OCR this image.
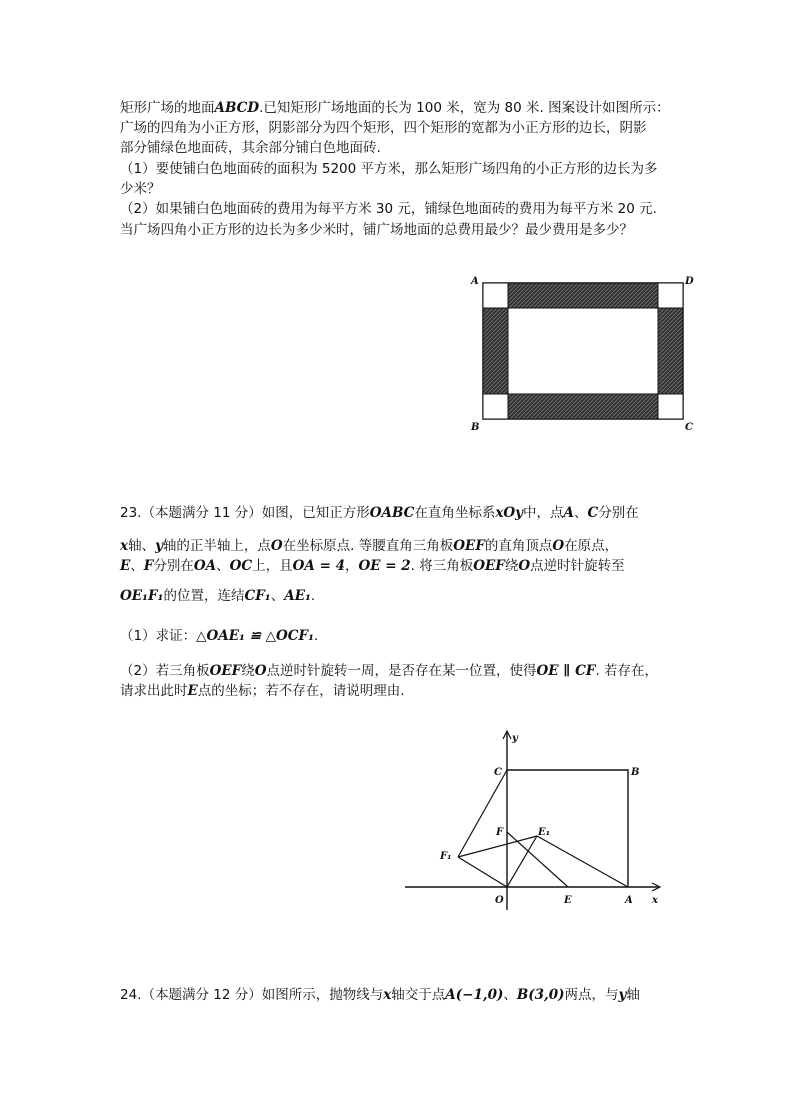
矩形广场的地面ABCD.已知矩形广场地面的长为 100 米，宽为 80 米. 图案设计如图所示：
广场的四角为小正方形，阴影部分为四个矩形，四个矩形的宽都为小正方形的边长，阴影
部分铺绿色地面砖，其余部分铺白色地面砖.
（1）要使铺白色地面砖的面积为 5200 平方米，那么矩形广场四角的小正方形的边长为多
少米？
（2）如果铺白色地面砖的费用为每平方米 30 元，铺绿色地面砖的费用为每平方米 20 元.
当广场四角小正方形的边长为多少米时，铺广场地面的总费用最少？最少费用是多少？
A	D
B	C
23.（本题满分 11 分）如图，已知正方形OABC在直角坐标系xOy中，点A、C分别在
x轴、y轴的正半轴上，点O在坐标原点. 等腰直角三角板OEF的直角顶点O在原点，
E、F分别在OA、OC上，且OA = 4，OE = 2. 将三角板OEF绕O点逆时针旋转至
OE₁F₁的位置，连结CF₁、AE₁.
（1）求证：△OAE₁ ≌ △OCF₁.
（2）若三角板OEF绕O点逆时针旋转一周，是否存在某一位置，使得OE ∥ CF. 若存在，
请求出此时E点的坐标；若不存在，请说明理由.
y
x
O	E	A
B
C
F
F₁
E₁
24.（本题满分 12 分）如图所示，抛物线与x轴交于点A(−1,0)、B(3,0)两点，与y轴
